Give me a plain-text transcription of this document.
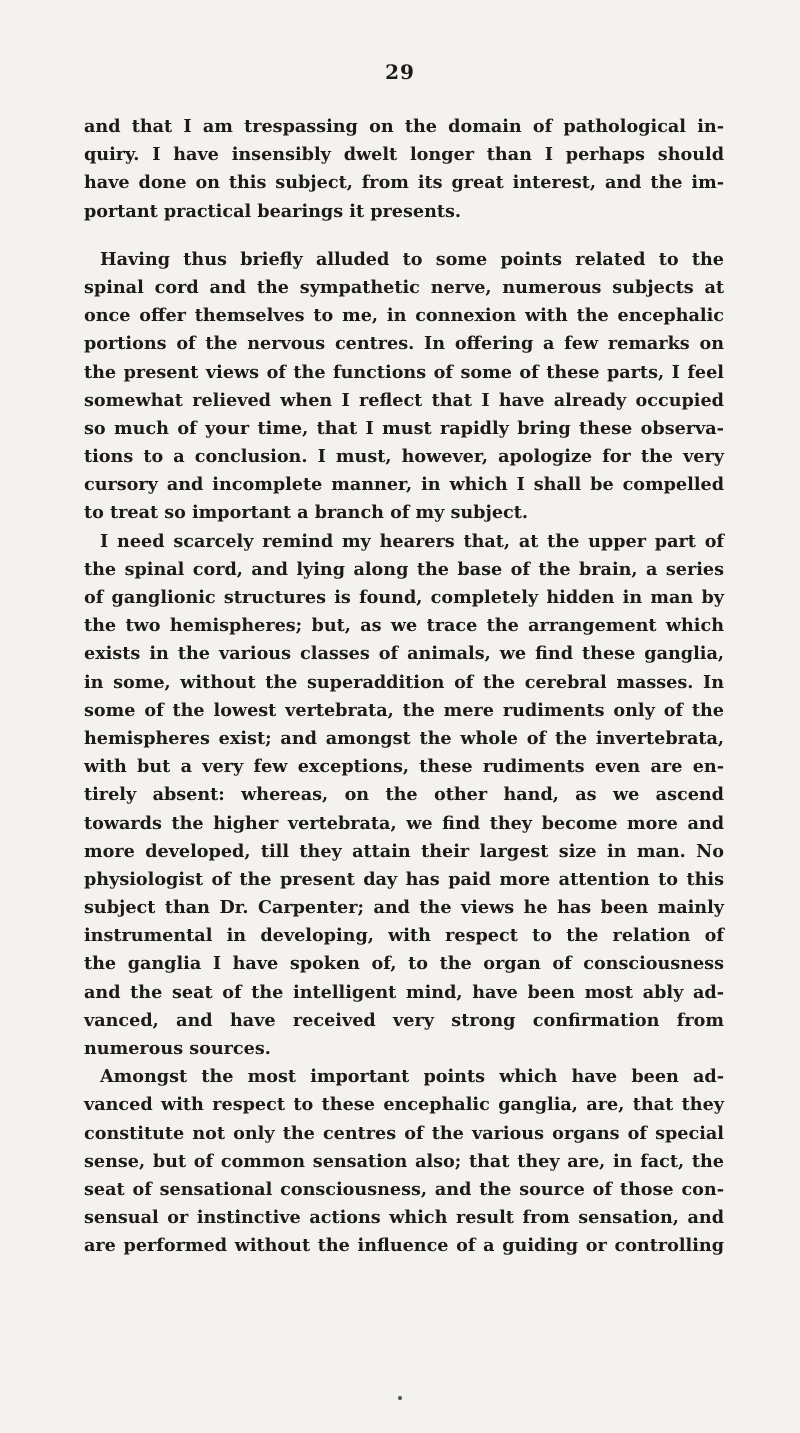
29
and that I am trespassing on the domain of pathological in-
quiry. I have insensibly dwelt longer than I perhaps should
have done on this subject, from its great interest, and the im-
portant practical bearings it presents.
Having thus briefly alluded to some points related to the
spinal cord and the sympathetic nerve, numerous subjects at
once offer themselves to me, in connexion with the encephalic
portions of the nervous centres. In offering a few remarks on
the present views of the functions of some of these parts, I feel
somewhat relieved when I reflect that I have already occupied
so much of your time, that I must rapidly bring these observa-
tions to a conclusion. I must, however, apologize for the very
cursory and incomplete manner, in which I shall be compelled
to treat so important a branch of my subject.
I need scarcely remind my hearers that, at the upper part of
the spinal cord, and lying along the base of the brain, a series
of ganglionic structures is found, completely hidden in man by
the two hemispheres; but, as we trace the arrangement which
exists in the various classes of animals, we find these ganglia,
in some, without the superaddition of the cerebral masses. In
some of the lowest vertebrata, the mere rudiments only of the
hemispheres exist; and amongst the whole of the invertebrata,
with but a very few exceptions, these rudiments even are en-
tirely absent: whereas, on the other hand, as we ascend
towards the higher vertebrata, we find they become more and
more developed, till they attain their largest size in man. No
physiologist of the present day has paid more attention to this
subject than Dr. Carpenter; and the views he has been mainly
instrumental in developing, with respect to the relation of
the ganglia I have spoken of, to the organ of consciousness
and the seat of the intelligent mind, have been most ably ad-
vanced, and have received very strong confirmation from
numerous sources.
Amongst the most important points which have been ad-
vanced with respect to these encephalic ganglia, are, that they
constitute not only the centres of the various organs of special
sense, but of common sensation also; that they are, in fact, the
seat of sensational consciousness, and the source of those con-
sensual or instinctive actions which result from sensation, and
are performed without the influence of a guiding or controlling
